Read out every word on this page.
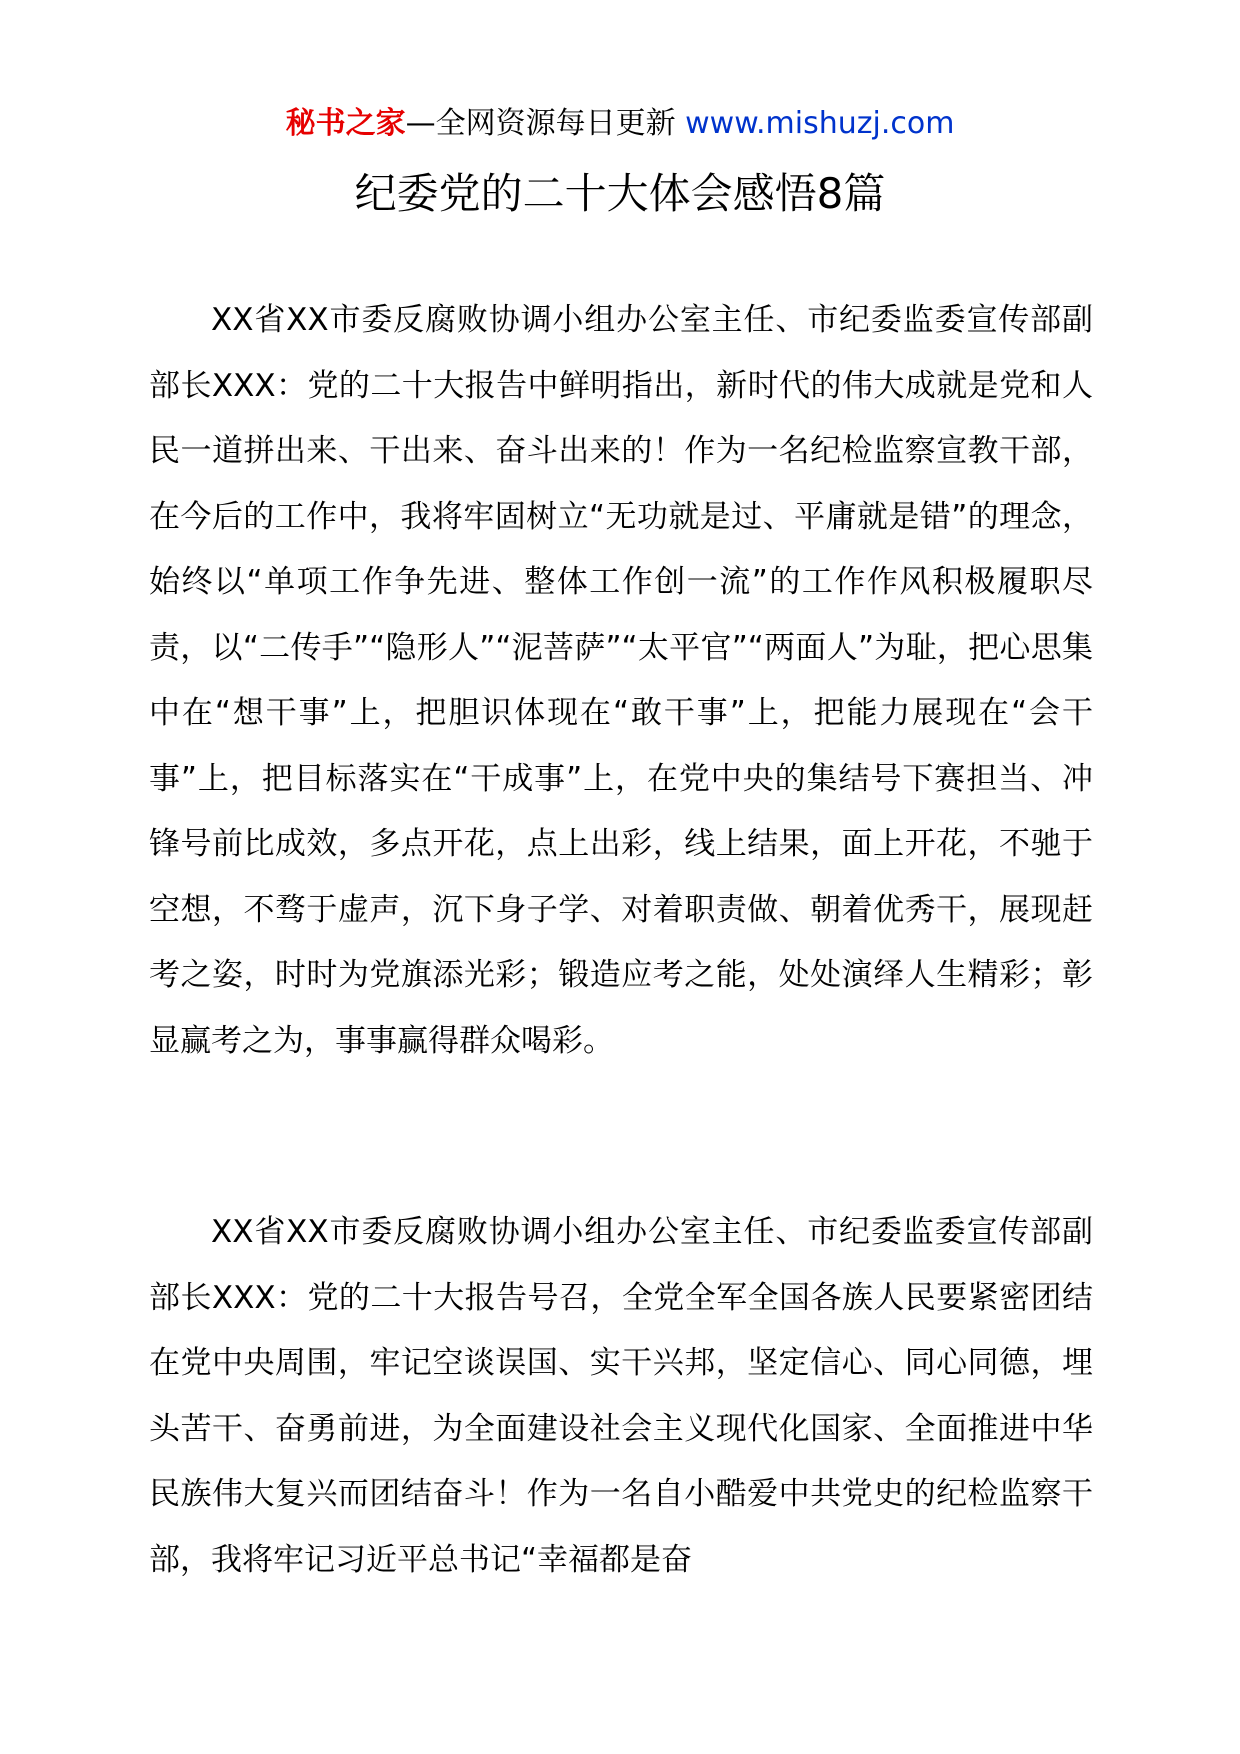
秘书之家—全网资源每日更新 www.mishuzj.com
纪委党的二十大体会感悟8篇

XX省XX市委反腐败协调小组办公室主任、市纪委监委宣传部副部长XXX：党的二十大报告中鲜明指出，新时代的伟大成就是党和人民一道拼出来、干出来、奋斗出来的！作为一名纪检监察宣教干部，在今后的工作中，我将牢固树立“无功就是过、平庸就是错”的理念，始终以“单项工作争先进、整体工作创一流”的工作作风积极履职尽责，以“二传手”“隐形人”“泥菩萨”“太平官”“两面人”为耻，把心思集中在“想干事”上，把胆识体现在“敢干事”上，把能力展现在“会干事”上，把目标落实在“干成事”上，在党中央的集结号下赛担当、冲锋号前比成效，多点开花，点上出彩，线上结果，面上开花，不驰于空想，不骛于虚声，沉下身子学、对着职责做、朝着优秀干，展现赶考之姿，时时为党旗添光彩；锻造应考之能，处处演绎人生精彩；彰显赢考之为，事事赢得群众喝彩。

XX省XX市委反腐败协调小组办公室主任、市纪委监委宣传部副部长XXX：党的二十大报告号召，全党全军全国各族人民要紧密团结在党中央周围，牢记空谈误国、实干兴邦，坚定信心、同心同德，埋头苦干、奋勇前进，为全面建设社会主义现代化国家、全面推进中华民族伟大复兴而团结奋斗！作为一名自小酷爱中共党史的纪检监察干部，我将牢记习近平总书记“幸福都是奋
